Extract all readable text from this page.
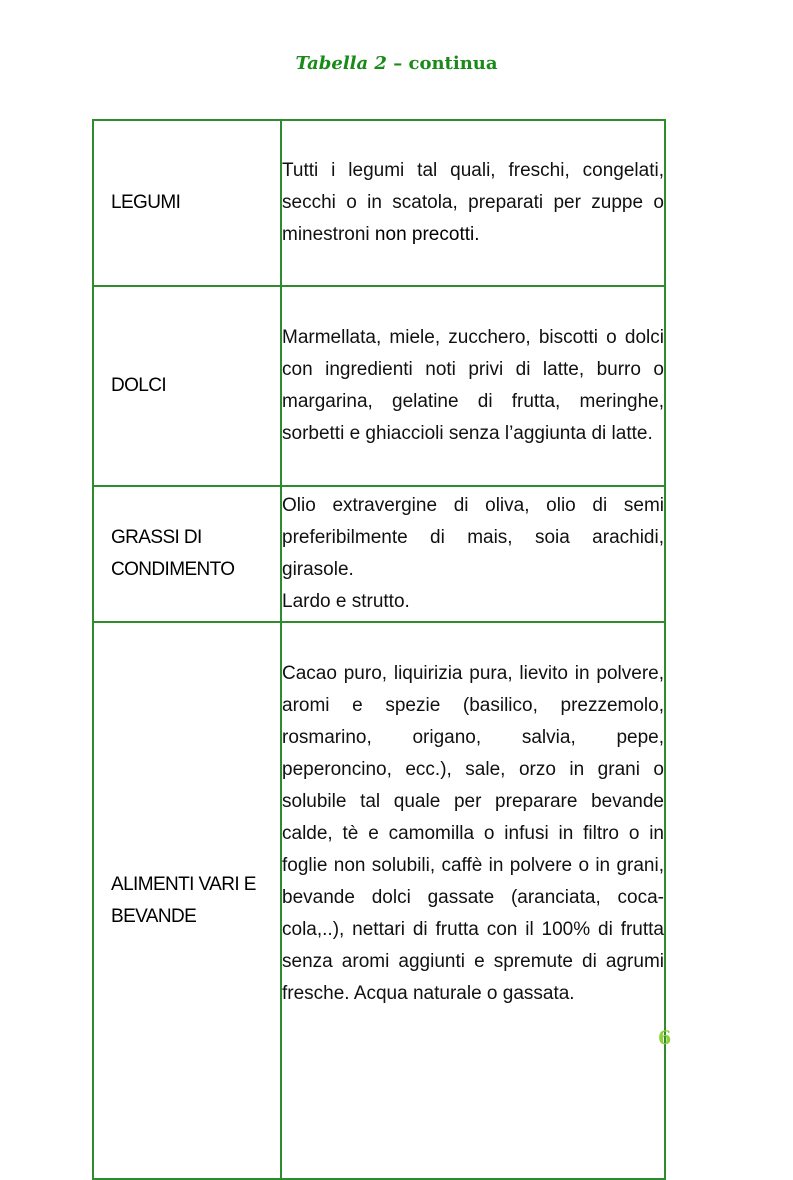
Tabella 2 – continua
LEGUMI	Tutti i legumi tal quali, freschi, congelati, secchi o in scatola, preparati per zuppe o minestroni non precotti.

DOLCI	Marmellata, miele, zucchero, biscotti o dolci con ingredienti noti privi di latte, burro o margarina, gelatine di frutta, meringhe, sorbetti e ghiaccioli senza l’aggiunta di latte.

GRASSI DI CONDIMENTO	Olio extravergine di oliva, olio di semi preferibilmente di mais, soia arachidi, girasole.

Lardo e strutto.

ALIMENTI VARI E BEVANDE	Cacao puro, liquirizia pura, lievito in polvere, aromi e spezie (basilico, prezzemolo, rosmarino, origano, salvia, pepe, peperoncino, ecc.), sale, orzo in grani o solubile tal quale per preparare bevande calde, tè e camomilla o infusi in filtro o in foglie non solubili, caffè in polvere o in grani, bevande dolci gassate (aranciata, coca-cola,..), nettari di frutta con il 100% di frutta senza aromi aggiunti e spremute di agrumi fresche. Acqua naturale o gassata.

6
